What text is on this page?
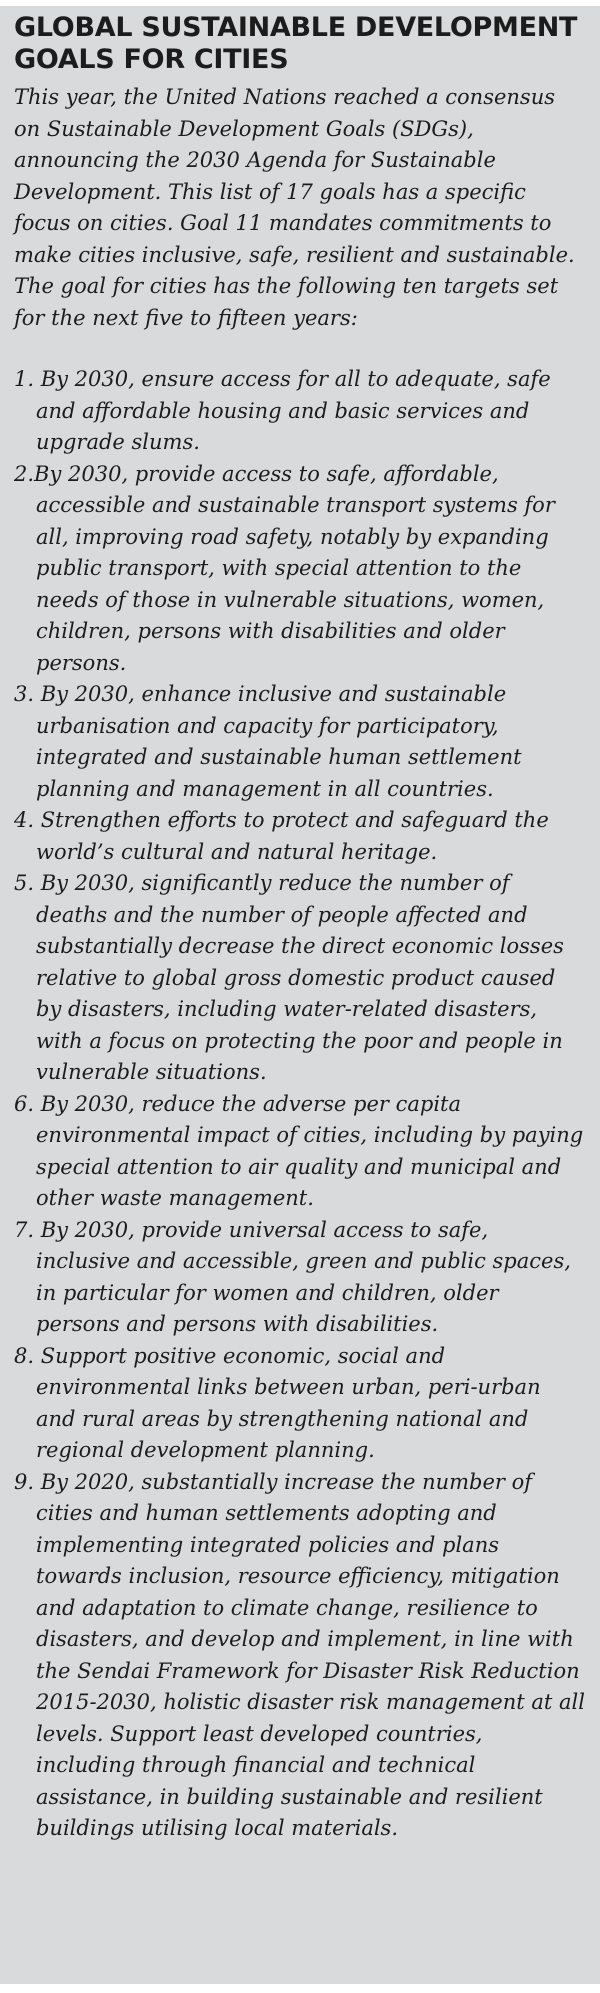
GLOBAL SUSTAINABLE DEVELOPMENT GOALS FOR CITIES

This year, the United Nations reached a consensus on Sustainable Development Goals (SDGs), announcing the 2030 Agenda for Sustainable Development. This list of 17 goals has a specific focus on cities. Goal 11 mandates commitments to make cities inclusive, safe, resilient and sustainable. The goal for cities has the following ten targets set for the next five to fifteen years:

1. By 2030, ensure access for all to adequate, safe and affordable housing and basic services and upgrade slums.
2.By 2030, provide access to safe, affordable, accessible and sustainable transport systems for all, improving road safety, notably by expanding public transport, with special attention to the needs of those in vulnerable situations, women, children, persons with disabilities and older persons.
3. By 2030, enhance inclusive and sustainable urbanisation and capacity for participatory, integrated and sustainable human settlement planning and management in all countries.
4. Strengthen efforts to protect and safeguard the world’s cultural and natural heritage.
5. By 2030, significantly reduce the number of deaths and the number of people affected and substantially decrease the direct economic losses relative to global gross domestic product caused by disasters, including water-related disasters, with a focus on protecting the poor and people in vulnerable situations.
6. By 2030, reduce the adverse per capita environmental impact of cities, including by paying special attention to air quality and municipal and other waste management.
7. By 2030, provide universal access to safe, inclusive and accessible, green and public spaces, in particular for women and children, older persons and persons with disabilities.
8. Support positive economic, social and environmental links between urban, peri-urban and rural areas by strengthening national and regional development planning.
9. By 2020, substantially increase the number of cities and human settlements adopting and implementing integrated policies and plans towards inclusion, resource efficiency, mitigation and adaptation to climate change, resilience to disasters, and develop and implement, in line with the Sendai Framework for Disaster Risk Reduction 2015-2030, holistic disaster risk management at all levels. Support least developed countries, including through financial and technical assistance, in building sustainable and resilient buildings utilising local materials.
